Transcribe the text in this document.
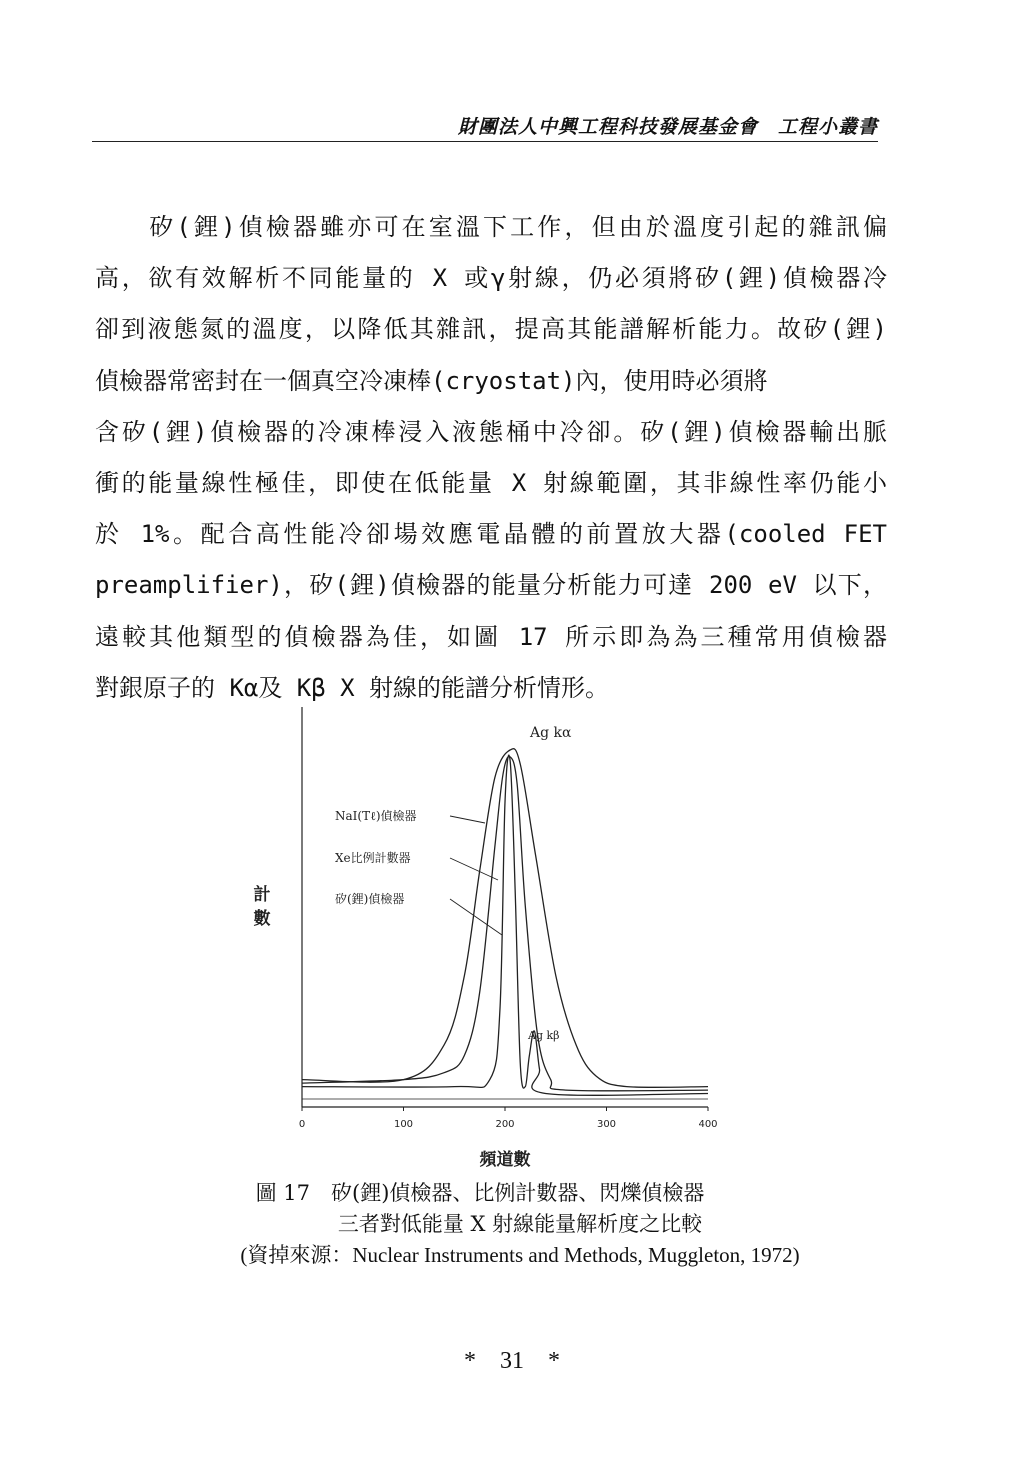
財團法人中興工程科技發展基金會　工程小叢書
　　矽(鋰)偵檢器雖亦可在室溫下工作，但由於溫度引起的雜訊偏
高，欲有效解析不同能量的 X 或γ射線，仍必須將矽(鋰)偵檢器冷
卻到液態氮的溫度，以降低其雜訊，提高其能譜解析能力。故矽(鋰)
偵檢器常密封在一個真空冷凍棒(cryostat)內，使用時必須將
含矽(鋰)偵檢器的冷凍棒浸入液態桶中冷卻。矽(鋰)偵檢器輸出脈
衝的能量線性極佳，即使在低能量 X 射線範圍，其非線性率仍能小
於 1%。配合高性能冷卻場效應電晶體的前置放大器(cooled FET
preamplifier)，矽(鋰)偵檢器的能量分析能力可達 200 eV 以下，
遠較其他類型的偵檢器為佳，如圖 17 所示即為為三種常用偵檢器
對銀原子的 Kα及 Kβ X 射線的能譜分析情形。
0	100	200	300	400
NaI(Tℓ)偵檢器
Xe比例計數器
矽(鋰)偵檢器
Ag kα
Ag kβ
計
數
頻道數
圖 17　矽(鋰)偵檢器、比例計數器、閃爍偵檢器
三者對低能量 X 射線能量解析度之比較
(資掉來源：Nuclear Instruments and Methods, Muggleton, 1972)
*　31　*
